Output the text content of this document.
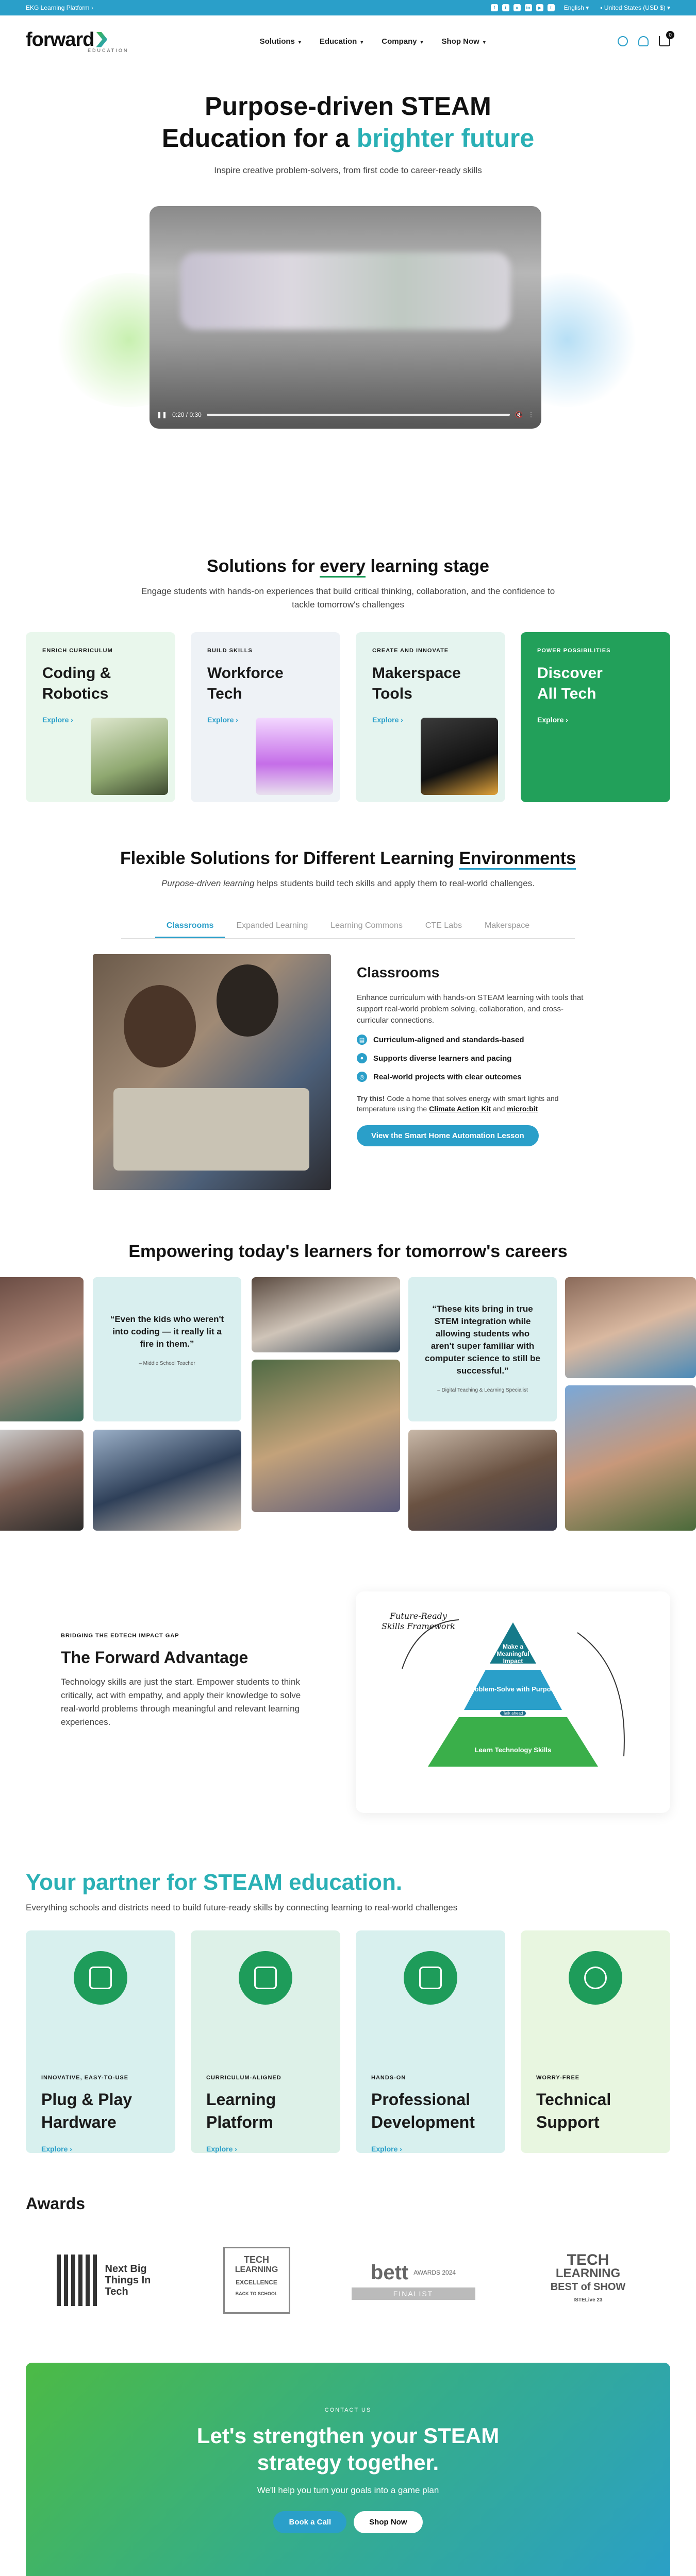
EKG Learning Platform ›	f	i	x	in	▶	t	English ▾ ▪ United States (USD $) ▾
forward
EDUCATION
Solutions ▼ Education ▼ Company ▼ Shop Now ▼
0
Purpose-driven STEAM
Education for a brighter future

Inspire creative problem-solvers, from first code to career-ready skills

❚❚ 0:20 / 0:30	🔇 ⋮
Solutions for every learning stage
Engage students with hands-on experiences that build critical thinking, collaboration, and the confidence to tackle tomorrow's challenges
ENRICH CURRICULUM
Coding & Robotics
Explore ›
BUILD SKILLS
Workforce Tech
Explore ›
CREATE AND INNOVATE
Makerspace Tools
Explore ›
POWER POSSIBILITIES
Discover All Tech
Explore ›
Flexible Solutions for Different Learning Environments
Purpose-driven learning helps students build tech skills and apply them to real-world challenges.
Classrooms	Expanded Learning	Learning Commons	CTE Labs	Makerspace
Classrooms
Enhance curriculum with hands-on STEAM learning with tools that support real-world problem solving, collaboration, and cross-curricular connections.
▤	Curriculum-aligned and standards-based
●	Supports diverse learners and pacing
◎	Real-world projects with clear outcomes
Try this! Code a home that solves energy with smart lights and temperature using the Climate Action Kit and micro:bit
View the Smart Home Automation Lesson
Empowering today's learners for tomorrow's careers
“Even the kids who weren't into coding — it really lit a fire in them.”
– Middle School Teacher
“These kits bring in true STEM integration while allowing students who aren't super familiar with computer science to still be successful.”
– Digital Teaching & Learning Specialist
BRIDGING THE EDTECH IMPACT GAP
The Forward Advantage

Technology skills are just the start. Empower students to think critically, act with empathy, and apply their knowledge to solve real-world problems through meaningful and relevant learning experiences.

Future-Ready
Skills Framework
Make a Meaningful Impact
Problem-Solve with Purpose
Talk ahead
Learn Technology Skills
Your partner for STEAM education.

Everything schools and districts need to build future-ready skills by connecting learning to real-world challenges

INNOVATIVE, EASY-TO-USE
Plug & Play Hardware
Explore ›
CURRICULUM-ALIGNED
Learning Platform
Explore ›
HANDS-ON
Professional Development
Explore ›
WORRY-FREE
Technical Support
Awards
Next Big Things In Tech
TECH
LEARNING
EXCELLENCE
BACK TO SCHOOL
bett AWARDS 2024
FINALIST
TECH
LEARNING
BEST of SHOW
ISTELive 23
CONTACT US
Let's strengthen your STEAM
strategy together.

We'll help you turn your goals into a game plan

Book a Call	Shop Now
